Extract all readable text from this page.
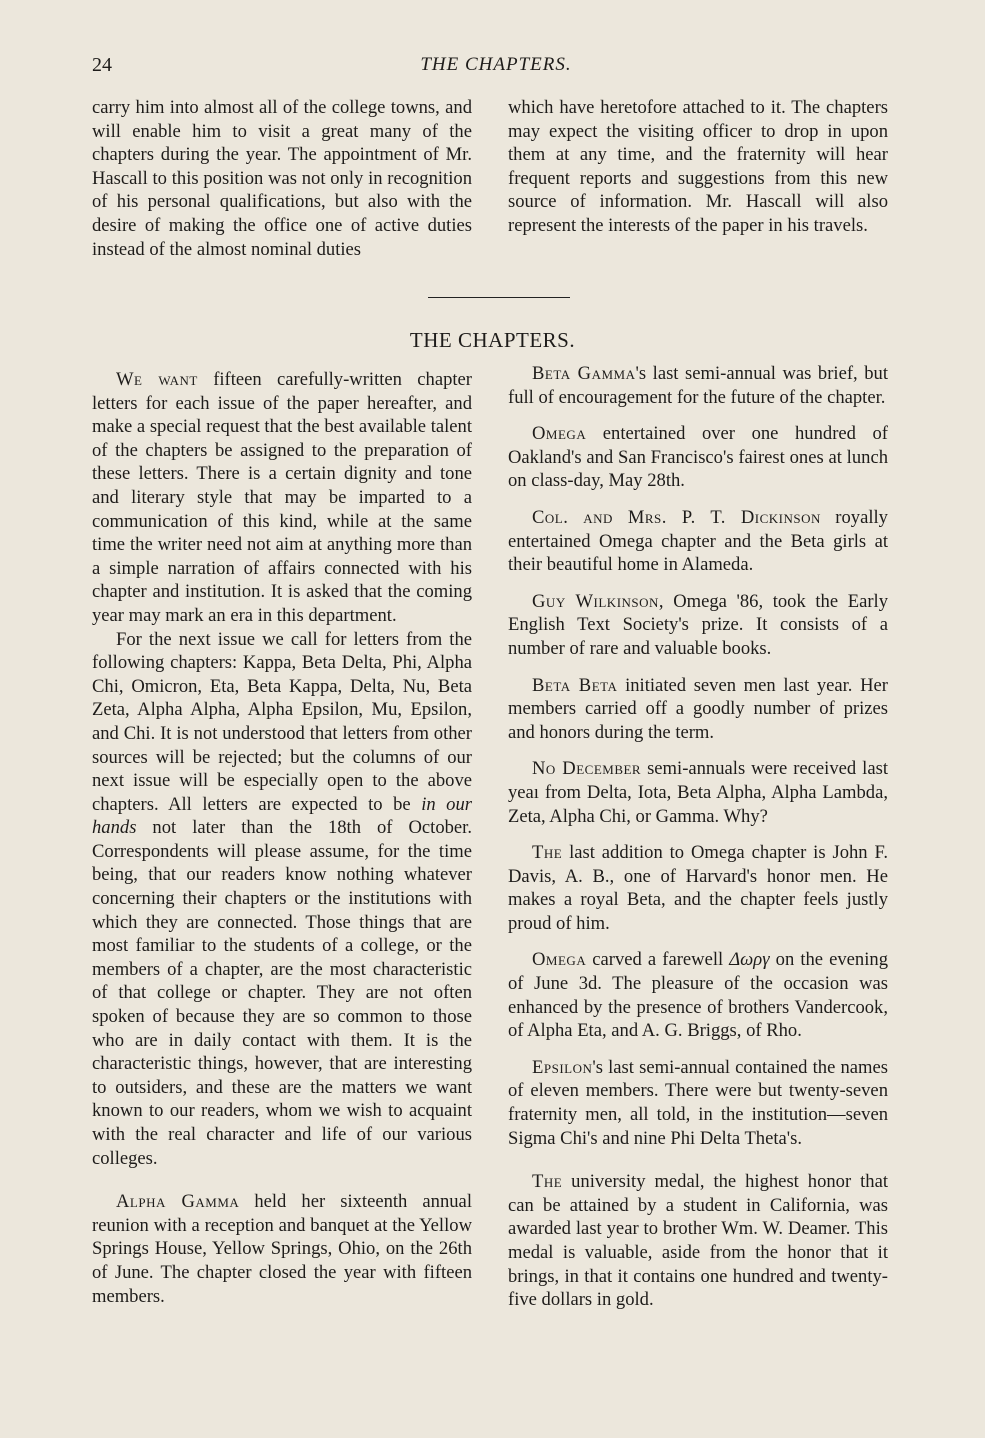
24	THE CHAPTERS.

carry him into almost all of the college towns, and will enable him to visit a great many of the chapters during the year. The appointment of Mr. Hascall to this position was not only in recognition of his personal qualifications, but also with the desire of making the office one of active duties instead of the almost nominal duties

which have heretofore attached to it. The chapters may expect the visiting officer to drop in upon them at any time, and the fraternity will hear frequent reports and suggestions from this new source of information. Mr. Hascall will also represent the interests of the paper in his travels.

THE CHAPTERS.

We want fifteen carefully-written chapter letters for each issue of the paper hereafter, and make a special request that the best available talent of the chapters be assigned to the preparation of these letters. There is a certain dignity and tone and literary style that may be imparted to a communication of this kind, while at the same time the writer need not aim at anything more than a simple narration of affairs connected with his chapter and institution. It is asked that the coming year may mark an era in this department.

For the next issue we call for letters from the following chapters: Kappa, Beta Delta, Phi, Alpha Chi, Omicron, Eta, Beta Kappa, Delta, Nu, Beta Zeta, Alpha Alpha, Alpha Epsilon, Mu, Epsilon, and Chi. It is not understood that letters from other sources will be rejected; but the columns of our next issue will be especially open to the above chapters. All letters are expected to be in our hands not later than the 18th of October. Correspondents will please assume, for the time being, that our readers know nothing whatever concerning their chapters or the institutions with which they are connected. Those things that are most familiar to the students of a college, or the members of a chapter, are the most characteristic of that college or chapter. They are not often spoken of because they are so common to those who are in daily contact with them. It is the characteristic things, however, that are interesting to outsiders, and these are the matters we want known to our readers, whom we wish to acquaint with the real character and life of our various colleges.

Alpha Gamma held her sixteenth annual reunion with a reception and banquet at the Yellow Springs House, Yellow Springs, Ohio, on the 26th of June. The chapter closed the year with fifteen members.

Beta Gamma's last semi-annual was brief, but full of encouragement for the future of the chapter.

Omega entertained over one hundred of Oakland's and San Francisco's fairest ones at lunch on class-day, May 28th.

Col. and Mrs. P. T. Dickinson royally entertained Omega chapter and the Beta girls at their beautiful home in Alameda.

Guy Wilkinson, Omega '86, took the Early English Text Society's prize. It consists of a number of rare and valuable books.

Beta Beta initiated seven men last year. Her members carried off a goodly number of prizes and honors during the term.

No December semi-annuals were received last yeaı from Delta, Iota, Beta Alpha, Alpha Lambda, Zeta, Alpha Chi, or Gamma. Why?

The last addition to Omega chapter is John F. Davis, A. B., one of Harvard's honor men. He makes a royal Beta, and the chapter feels justly proud of him.

Omega carved a farewell Δωργ on the evening of June 3d. The pleasure of the occasion was enhanced by the presence of brothers Vandercook, of Alpha Eta, and A. G. Briggs, of Rho.

Epsilon's last semi-annual contained the names of eleven members. There were but twenty-seven fraternity men, all told, in the institution—seven Sigma Chi's and nine Phi Delta Theta's.

The university medal, the highest honor that can be attained by a student in California, was awarded last year to brother Wm. W. Deamer. This medal is valuable, aside from the honor that it brings, in that it contains one hundred and twenty-five dollars in gold.
